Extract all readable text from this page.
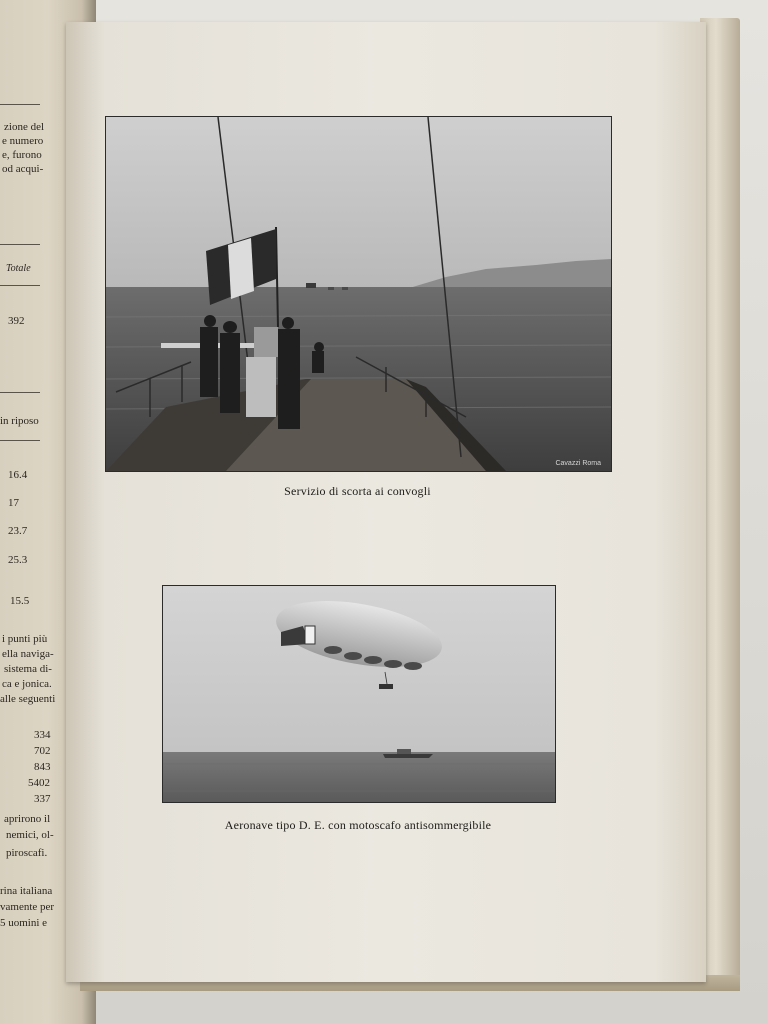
zione del
e numero
e, furono
od acqui-
Totale
392
in riposo
16.4
17
23.7
25.3
15.5
i punti più
ella naviga-
sistema di-
ca e jonica.
alle seguenti
334
702
843
5402
337
aprirono il
nemici, ol-
piroscafi.
rina italiana
vamente per
5 uomini e
Cavazzi Roma
Servizio di scorta ai convogli
Aeronave tipo D. E. con motoscafo antisommergibile
